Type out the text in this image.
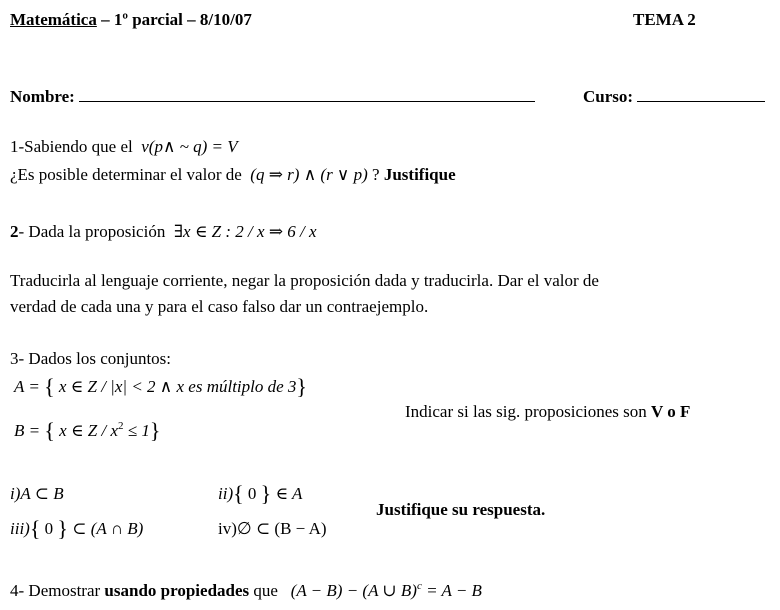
Matemática – 1º parcial – 8/10/07	TEMA 2
Nombre:	Curso:
1-Sabiendo que el v(p∧ ~ q) = V
¿Es posible determinar el valor de (q ⇒ r) ∧ (r ∨ p) ? Justifique
2- Dada la proposición ∃x ∈ Z : 2 / x ⇒ 6 / x
Traducirla al lenguaje corriente, negar la proposición dada y traducirla. Dar el valor de
verdad de cada una y para el caso falso dar un contraejemplo.
3- Dados los conjuntos:
A = { x ∈ Z / |x| < 2 ∧ x es múltiplo de 3}
B = { x ∈ $Z / x^2 \le 1$}
Indicar si las sig. proposiciones son V o F
i)A ⊂ B	ii){ 0 } ∈ A
iii){ 0 } ⊂ (A ∩ B)	iv)∅ ⊂ (B − A)
Justifique su respuesta.
4- Demostrar usando propiedades que (A − B) − (A ∪ B)$^c$ = A − B
